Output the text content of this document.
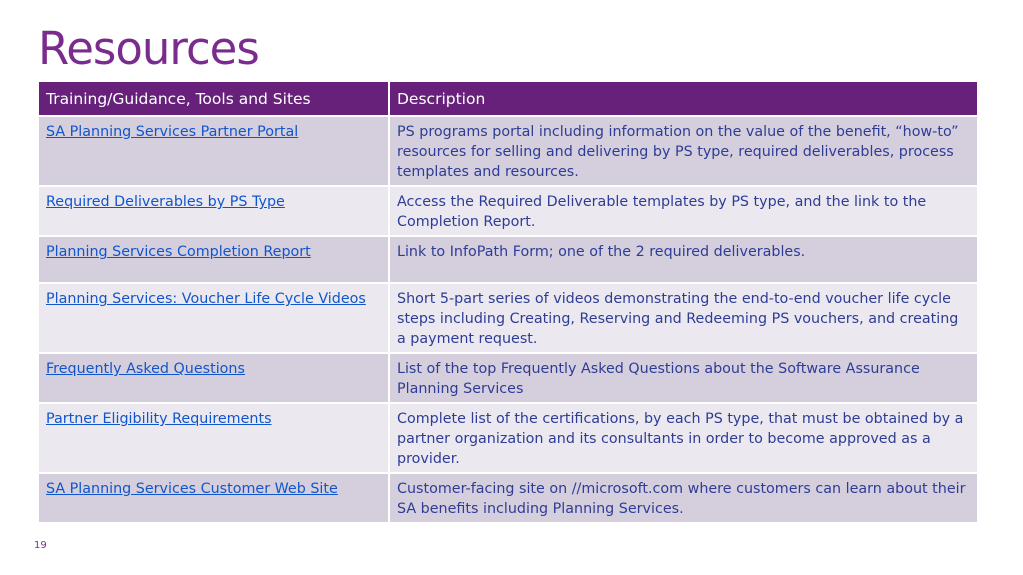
Resources
Training/Guidance, Tools and Sites	Description
SA Planning Services Partner Portal	PS programs portal including information on the value of the benefit, “how-to” resources for selling and delivering by PS type, required deliverables, process templates and resources.
Required Deliverables by PS Type	Access the Required Deliverable templates by PS type, and the link to the Completion Report.
Planning Services Completion Report	Link to InfoPath Form; one of the 2 required deliverables.
Planning Services: Voucher Life Cycle Videos	Short 5-part series of videos demonstrating the end-to-end voucher life cycle steps including Creating, Reserving and Redeeming PS vouchers, and creating a payment request.
Frequently Asked Questions	List of the top Frequently Asked Questions about the Software Assurance Planning Services
Partner Eligibility Requirements	Complete list of the certifications, by each PS type, that must be obtained by a partner organization and its consultants in order to become approved as a provider.
SA Planning Services Customer Web Site	Customer-facing site on //microsoft.com where customers can learn about their SA benefits including Planning Services.
19
